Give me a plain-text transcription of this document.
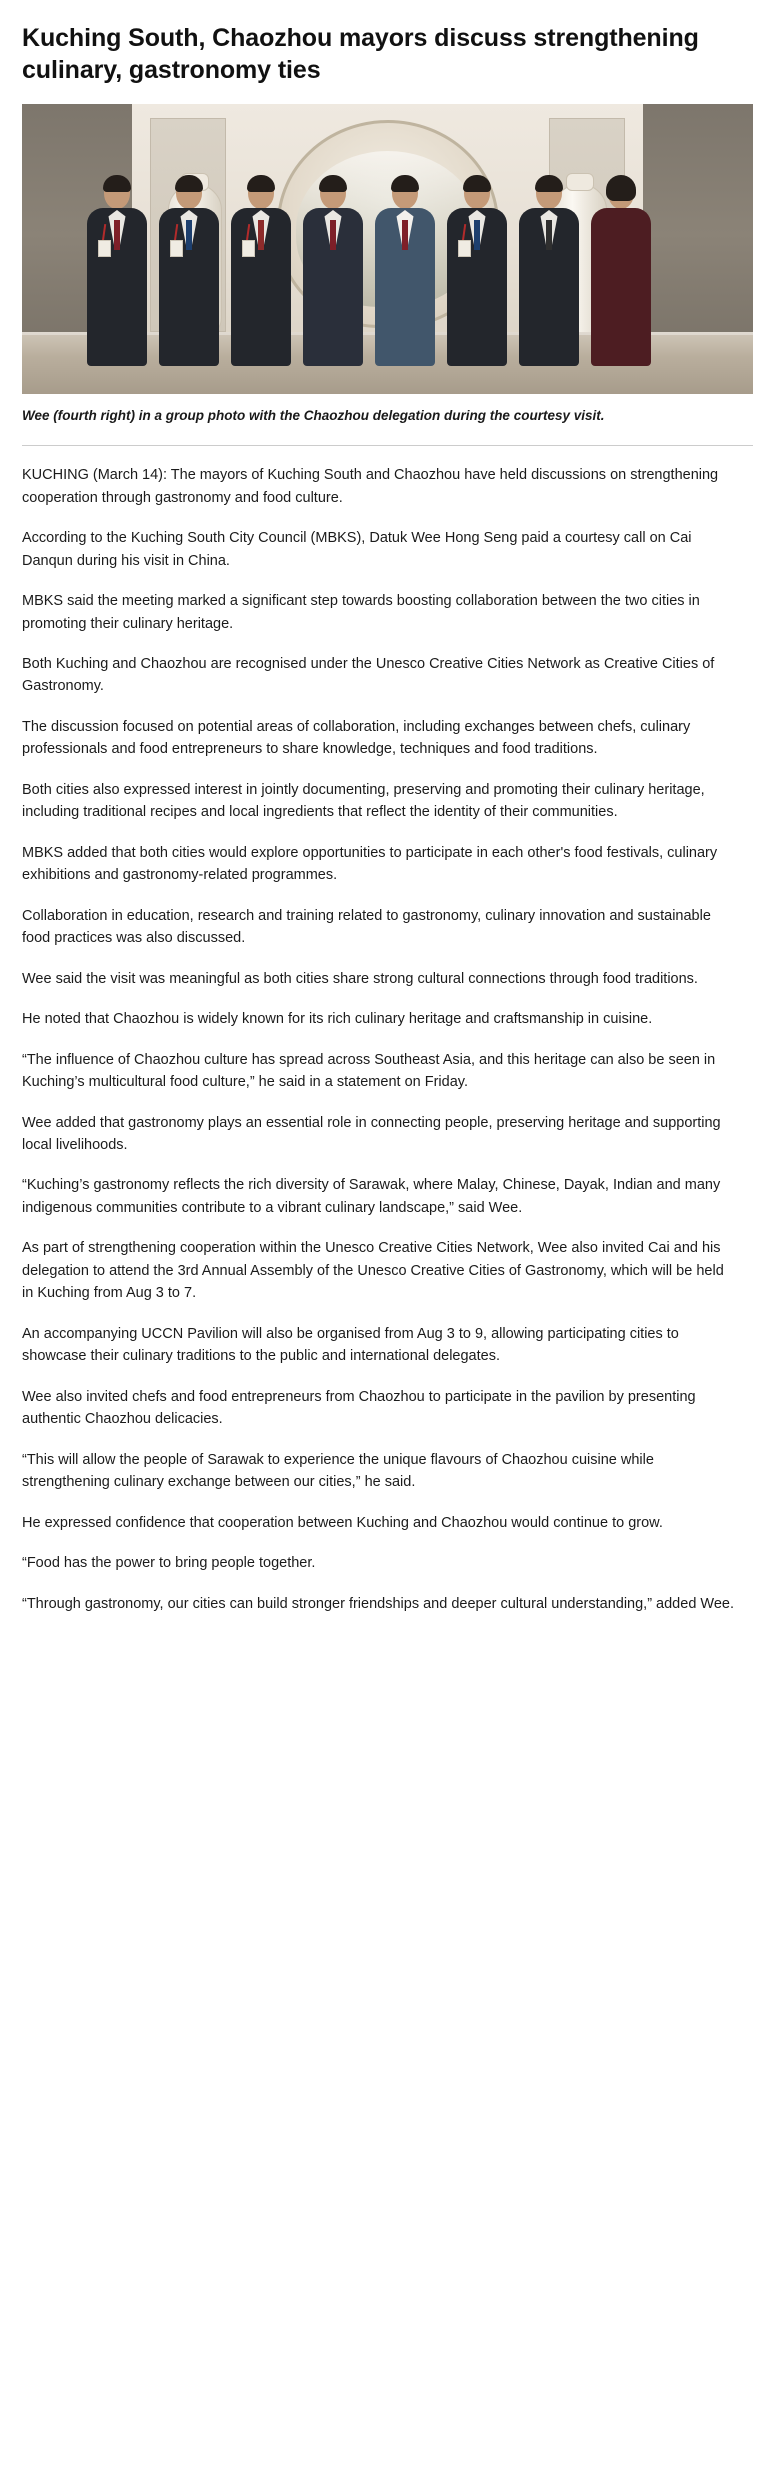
Kuching South, Chaozhou mayors discuss strengthening culinary, gastronomy ties
Wee (fourth right) in a group photo with the Chaozhou delegation during the courtesy visit.

KUCHING (March 14): The mayors of Kuching South and Chaozhou have held discussions on strengthening cooperation through gastronomy and food culture.

According to the Kuching South City Council (MBKS), Datuk Wee Hong Seng paid a courtesy call on Cai Danqun during his visit in China.

MBKS said the meeting marked a significant step towards boosting collaboration between the two cities in promoting their culinary heritage.

Both Kuching and Chaozhou are recognised under the Unesco Creative Cities Network as Creative Cities of Gastronomy.

The discussion focused on potential areas of collaboration, including exchanges between chefs, culinary professionals and food entrepreneurs to share knowledge, techniques and food traditions.

Both cities also expressed interest in jointly documenting, preserving and promoting their culinary heritage, including traditional recipes and local ingredients that reflect the identity of their communities.

MBKS added that both cities would explore opportunities to participate in each other's food festivals, culinary exhibitions and gastronomy-related programmes.

Collaboration in education, research and training related to gastronomy, culinary innovation and sustainable food practices was also discussed.

Wee said the visit was meaningful as both cities share strong cultural connections through food traditions.

He noted that Chaozhou is widely known for its rich culinary heritage and craftsmanship in cuisine.

“The influence of Chaozhou culture has spread across Southeast Asia, and this heritage can also be seen in Kuching’s multicultural food culture,” he said in a statement on Friday.

Wee added that gastronomy plays an essential role in connecting people, preserving heritage and supporting local livelihoods.

“Kuching’s gastronomy reflects the rich diversity of Sarawak, where Malay, Chinese, Dayak, Indian and many indigenous communities contribute to a vibrant culinary landscape,” said Wee.

As part of strengthening cooperation within the Unesco Creative Cities Network, Wee also invited Cai and his delegation to attend the 3rd Annual Assembly of the Unesco Creative Cities of Gastronomy, which will be held in Kuching from Aug 3 to 7.

An accompanying UCCN Pavilion will also be organised from Aug 3 to 9, allowing participating cities to showcase their culinary traditions to the public and international delegates.

Wee also invited chefs and food entrepreneurs from Chaozhou to participate in the pavilion by presenting authentic Chaozhou delicacies.

“This will allow the people of Sarawak to experience the unique flavours of Chaozhou cuisine while strengthening culinary exchange between our cities,” he said.

He expressed confidence that cooperation between Kuching and Chaozhou would continue to grow.

“Food has the power to bring people together.

“Through gastronomy, our cities can build stronger friendships and deeper cultural understanding,” added Wee.
